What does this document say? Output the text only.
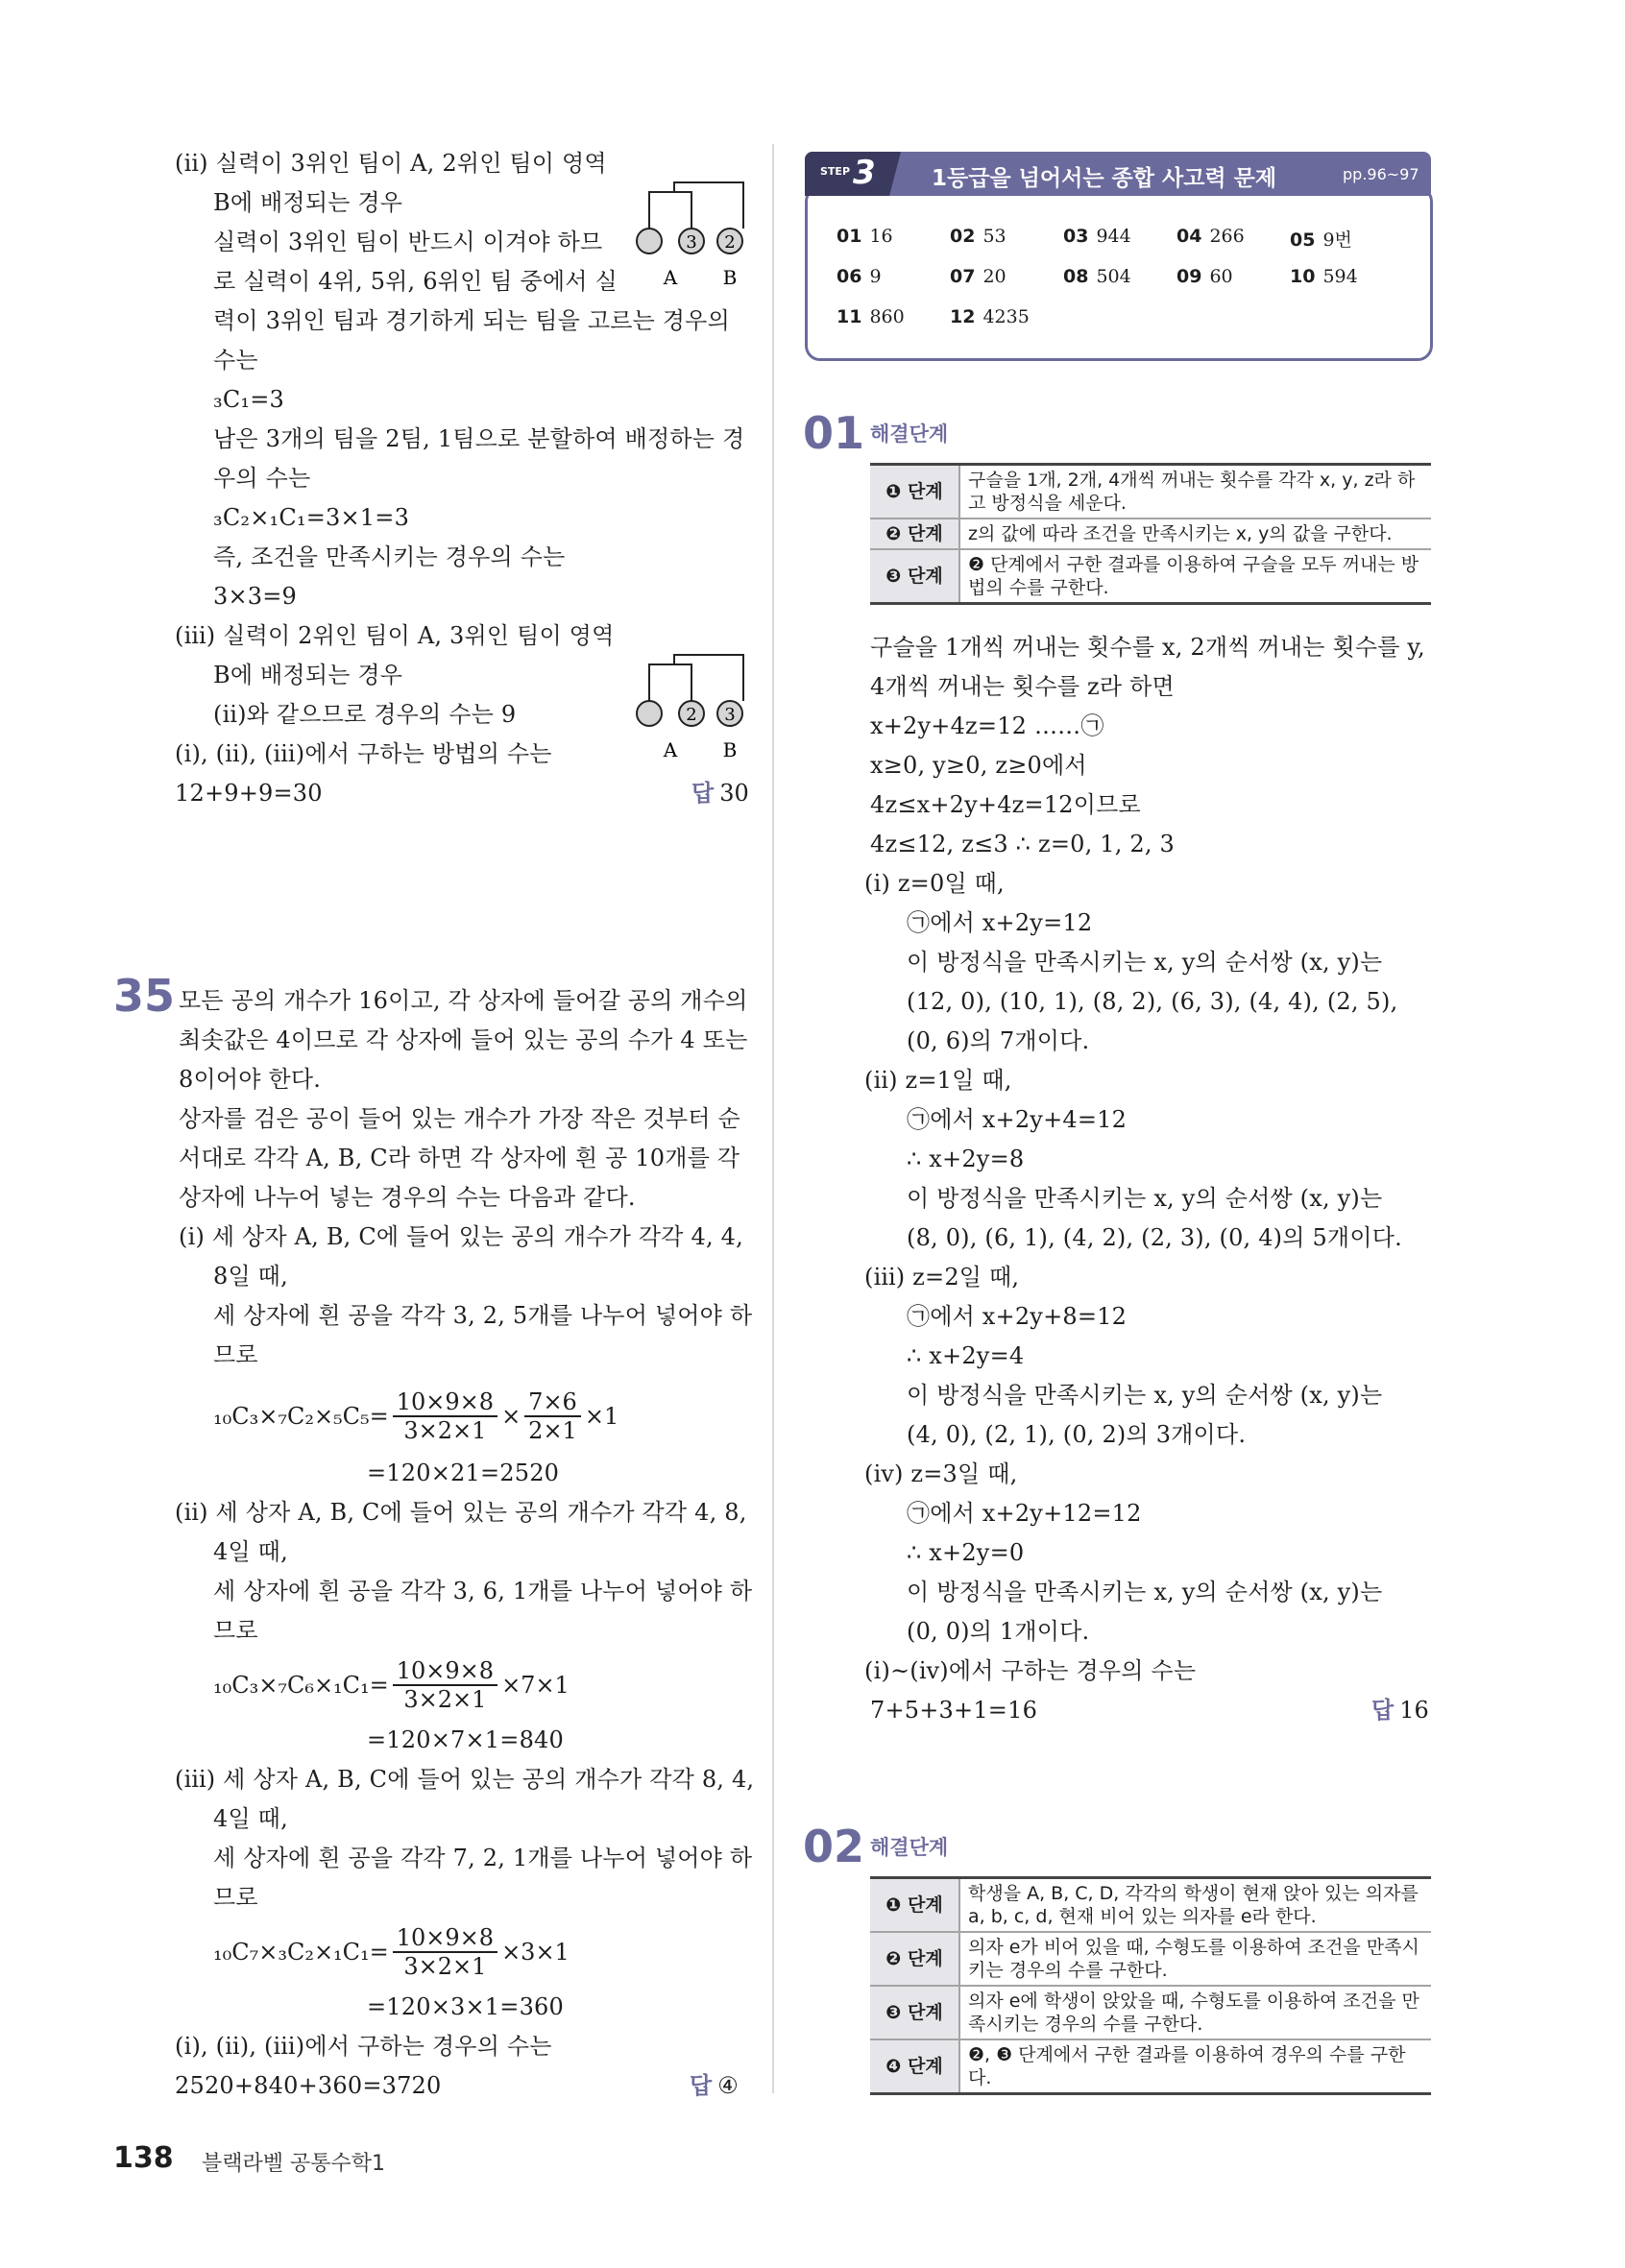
(ⅱ) 실력이 3위인 팀이 A, 2위인 팀이 영역
B에 배정되는 경우
실력이 3위인 팀이 반드시 이겨야 하므
로 실력이 4위, 5위, 6위인 팀 중에서 실
력이 3위인 팀과 경기하게 되는 팀을 고르는 경우의
수는
₃C₁=3
남은 3개의 팀을 2팀, 1팀으로 분할하여 배정하는 경
우의 수는
₃C₂×₁C₁=3×1=3
즉, 조건을 만족시키는 경우의 수는
3×3=9
3 2
A B
(ⅲ) 실력이 2위인 팀이 A, 3위인 팀이 영역
B에 배정되는 경우
(ⅱ)와 같으므로 경우의 수는 9
(ⅰ), (ⅱ), (ⅲ)에서 구하는 방법의 수는
12+9+9=30
2 3
A B
답 30
35 모든 공의 개수가 16이고, 각 상자에 들어갈 공의 개수의
최솟값은 4이므로 각 상자에 들어 있는 공의 수가 4 또는
8이어야 한다.
상자를 검은 공이 들어 있는 개수가 가장 작은 것부터 순
서대로 각각 A, B, C라 하면 각 상자에 흰 공 10개를 각
상자에 나누어 넣는 경우의 수는 다음과 같다.
(ⅰ) 세 상자 A, B, C에 들어 있는 공의 개수가 각각 4, 4,
8일 때,
세 상자에 흰 공을 각각 3, 2, 5개를 나누어 넣어야 하
므로
$_{10}C_3\times_7C_2\times_5C_5= \frac{10\times 9\times 8}{3\times 2\times 1} \times \frac{7\times 6}{2\times 1} \times 1$
=120×21=2520
(ⅱ) 세 상자 A, B, C에 들어 있는 공의 개수가 각각 4, 8,
4일 때,
세 상자에 흰 공을 각각 3, 6, 1개를 나누어 넣어야 하
므로
$_{10}C_3\times_7C_6\times_1C_1= \frac{10\times 9\times 8}{3\times 2\times 1} \times 7\times 1$
=120×7×1=840
(ⅲ) 세 상자 A, B, C에 들어 있는 공의 개수가 각각 8, 4,
4일 때,
세 상자에 흰 공을 각각 7, 2, 1개를 나누어 넣어야 하
므로
$_{10}C_7\times_3C_2\times_1C_1= \frac{10\times 9\times 8}{3\times 2\times 1} \times 3\times 1$
=120×3×1=360
(ⅰ), (ⅱ), (ⅲ)에서 구하는 경우의 수는
2520+840+360=3720	답 ④
01 16	02 53	03 944 04 266 05 9번
06 9	07 20	08 504 09 60	10 594
11 860 12 4235
STEP 3	1등급을 넘어서는 종합 사고력 문제	pp.96~97
01 해결단계
❶ 단계	구슬을 1개, 2개, 4개씩 꺼내는 횟수를 각각 x, y, z라 하고 방정식을 세운다.
❷ 단계	z의 값에 따라 조건을 만족시키는 x, y의 값을 구한다.
❸ 단계	❷ 단계에서 구한 결과를 이용하여 구슬을 모두 꺼내는 방법의 수를 구한다.
구슬을 1개씩 꺼내는 횟수를 x, 2개씩 꺼내는 횟수를 y,
4개씩 꺼내는 횟수를 z라 하면
x+2y+4z=12 ……㉠
x≥0, y≥0, z≥0에서
4z≤x+2y+4z=12이므로
4z≤12, z≤3 ∴ z=0, 1, 2, 3
(ⅰ) z=0일 때,
㉠에서 x+2y=12
이 방정식을 만족시키는 x, y의 순서쌍 (x, y)는
(12, 0), (10, 1), (8, 2), (6, 3), (4, 4), (2, 5),
(0, 6)의 7개이다.
(ⅱ) z=1일 때,
㉠에서 x+2y+4=12
∴ x+2y=8
이 방정식을 만족시키는 x, y의 순서쌍 (x, y)는
(8, 0), (6, 1), (4, 2), (2, 3), (0, 4)의 5개이다.
(ⅲ) z=2일 때,
㉠에서 x+2y+8=12
∴ x+2y=4
이 방정식을 만족시키는 x, y의 순서쌍 (x, y)는
(4, 0), (2, 1), (0, 2)의 3개이다.
(ⅳ) z=3일 때,
㉠에서 x+2y+12=12
∴ x+2y=0
이 방정식을 만족시키는 x, y의 순서쌍 (x, y)는
(0, 0)의 1개이다.
(ⅰ)~(ⅳ)에서 구하는 경우의 수는
7+5+3+1=16	답 16
02 해결단계
❶ 단계	학생을 A, B, C, D, 각각의 학생이 현재 앉아 있는 의자를 a, b, c, d, 현재 비어 있는 의자를 e라 한다.
❷ 단계	의자 e가 비어 있을 때, 수형도를 이용하여 조건을 만족시키는 경우의 수를 구한다.
❸ 단계	의자 e에 학생이 앉았을 때, 수형도를 이용하여 조건을 만족시키는 경우의 수를 구한다.
❹ 단계	❷, ❸ 단계에서 구한 결과를 이용하여 경우의 수를 구한다.
138 블랙라벨 공통수학1
